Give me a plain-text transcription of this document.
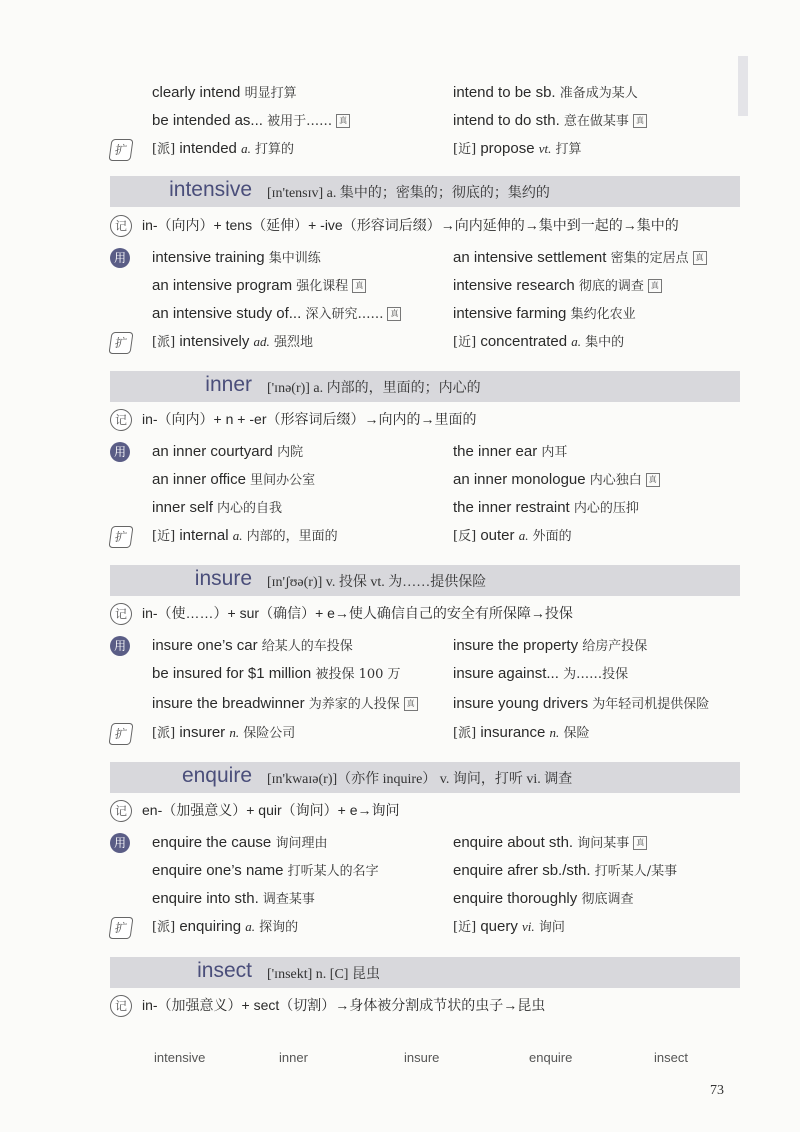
clearly intend 明显打算	intend to be sb. 准备成为某人
be intended as... 被用于…… 真	intend to do sth. 意在做某事 真
扩	[派] intended a. 打算的	[近] propose vt. 打算
intensive [ɪn'tensɪv] a. 集中的；密集的；彻底的；集约的
记	in-（向内）+ tens（延伸）+ -ive（形容词后缀）→向内延伸的→集中到一起的→集中的
用 intensive training 集中训练	an intensive settlement 密集的定居点 真
an intensive program 强化课程 真	intensive research 彻底的调查 真
an intensive study of... 深入研究…… 真	intensive farming 集约化农业
扩	[派] intensively ad. 强烈地	[近] concentrated a. 集中的
inner ['ɪnə(r)] a. 内部的，里面的；内心的
记	in-（向内）+ n + -er（形容词后缀）→向内的→里面的
用 an inner courtyard 内院	the inner ear 内耳
an inner office 里间办公室	an inner monologue 内心独白 真
inner self 内心的自我	the inner restraint 内心的压抑
扩	[近] internal a. 内部的，里面的	[反] outer a. 外面的
insure [ɪn'ʃʊə(r)] v. 投保 vt. 为……提供保险
记	in-（使……）+ sur（确信）+ e→使人确信自己的安全有所保障→投保
用 insure one’s car 给某人的车投保	insure the property 给房产投保
be insured for $1 million 被投保 100 万	insure against... 为……投保
insure the breadwinner 为养家的人投保 真	insure young drivers 为年轻司机提供保险
扩	[派] insurer n. 保险公司	[派] insurance n. 保险
enquire [ɪn'kwaɪə(r)]（亦作 inquire） v. 询问，打听 vi. 调查
记	en-（加强意义）+ quir（询问）+ e→询问
用 enquire the cause 询问理由	enquire about sth. 询问某事 真
enquire one’s name 打听某人的名字	enquire afrer sb./sth. 打听某人/某事
enquire into sth. 调查某事	enquire thoroughly 彻底调查
扩	[派] enquiring a. 探询的	[近] query vi. 询问
insect ['ɪnsekt] n. [C] 昆虫
记	in-（加强意义）+ sect（切割）→身体被分割成节状的虫子→昆虫
intensive	inner	insure	enquire	insect
73
